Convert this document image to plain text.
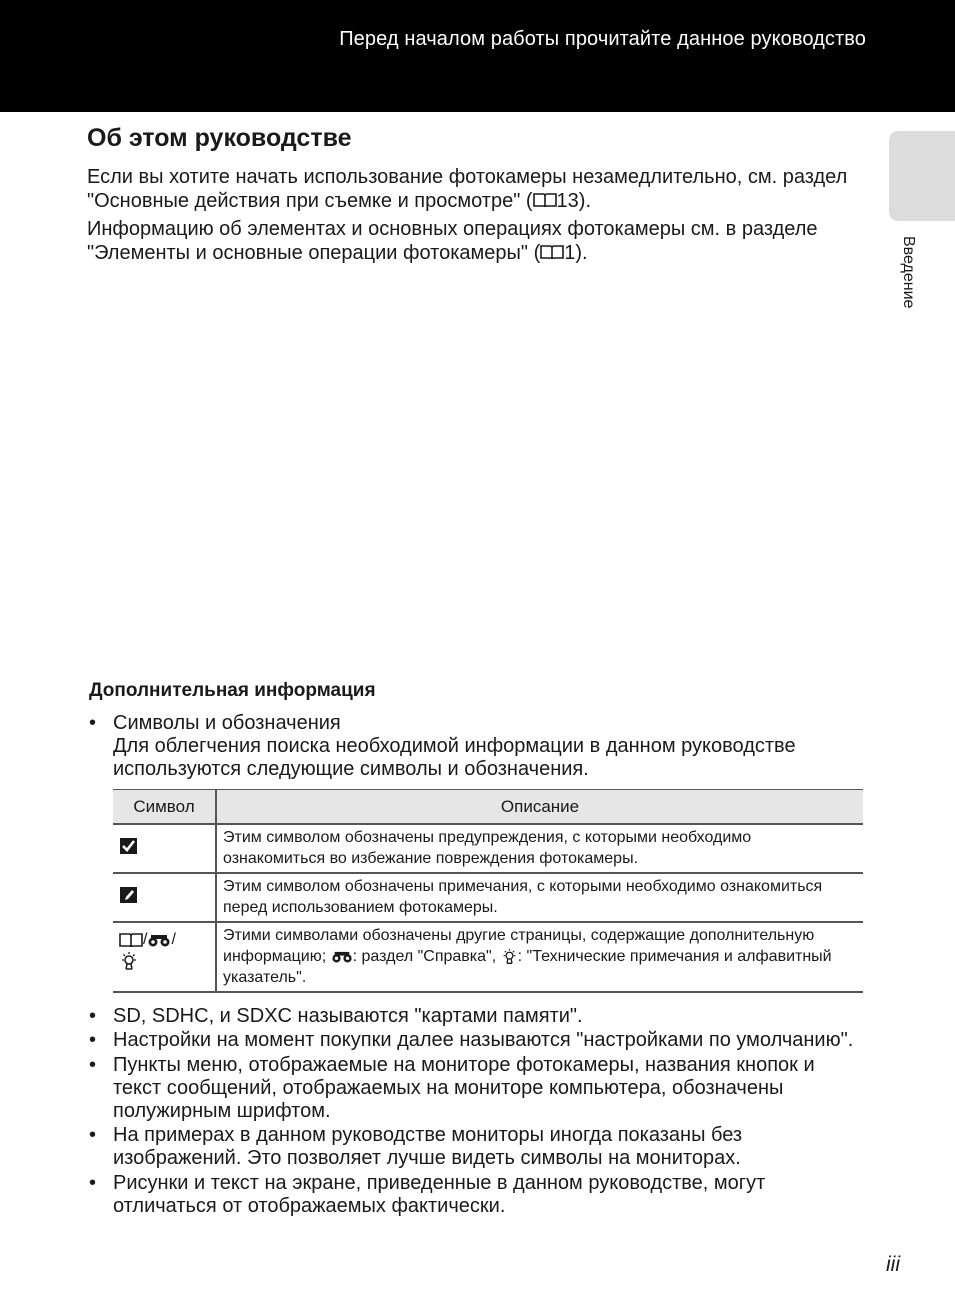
Перед началом работы прочитайте данное руководство
Введение
Об этом руководстве

Если вы хотите начать использование фотокамеры незамедлительно, см. раздел "Основные действия при съемке и просмотре" ( 13).

Информацию об элементах и основных операциях фотокамеры см. в разделе "Элементы и основные операции фотокамеры" ( 1).

Дополнительная информация
• Символы и обозначения
Для облегчения поиска необходимой информации в данном руководстве используются следующие символы и обозначения.
Символ	Описание
	Этим символом обозначены предупреждения, с которыми необходимо ознакомиться во избежание повреждения фотокамеры.
	Этим символом обозначены примечания, с которыми необходимо ознакомиться перед использованием фотокамеры.
/ /	Этими символами обозначены другие страницы, содержащие дополнительную информацию; : раздел "Справка", : "Технические примечания и алфавитный указатель".
• SD, SDHC, и SDXC называются "картами памяти".
• Настройки на момент покупки далее называются "настройками по умолчанию".
• Пункты меню, отображаемые на мониторе фотокамеры, названия кнопок и текст сообщений, отображаемых на мониторе компьютера, обозначены полужирным шрифтом.
• На примерах в данном руководстве мониторы иногда показаны без изображений. Это позволяет лучше видеть символы на мониторах.
• Рисунки и текст на экране, приведенные в данном руководстве, могут отличаться от отображаемых фактически.
iii
